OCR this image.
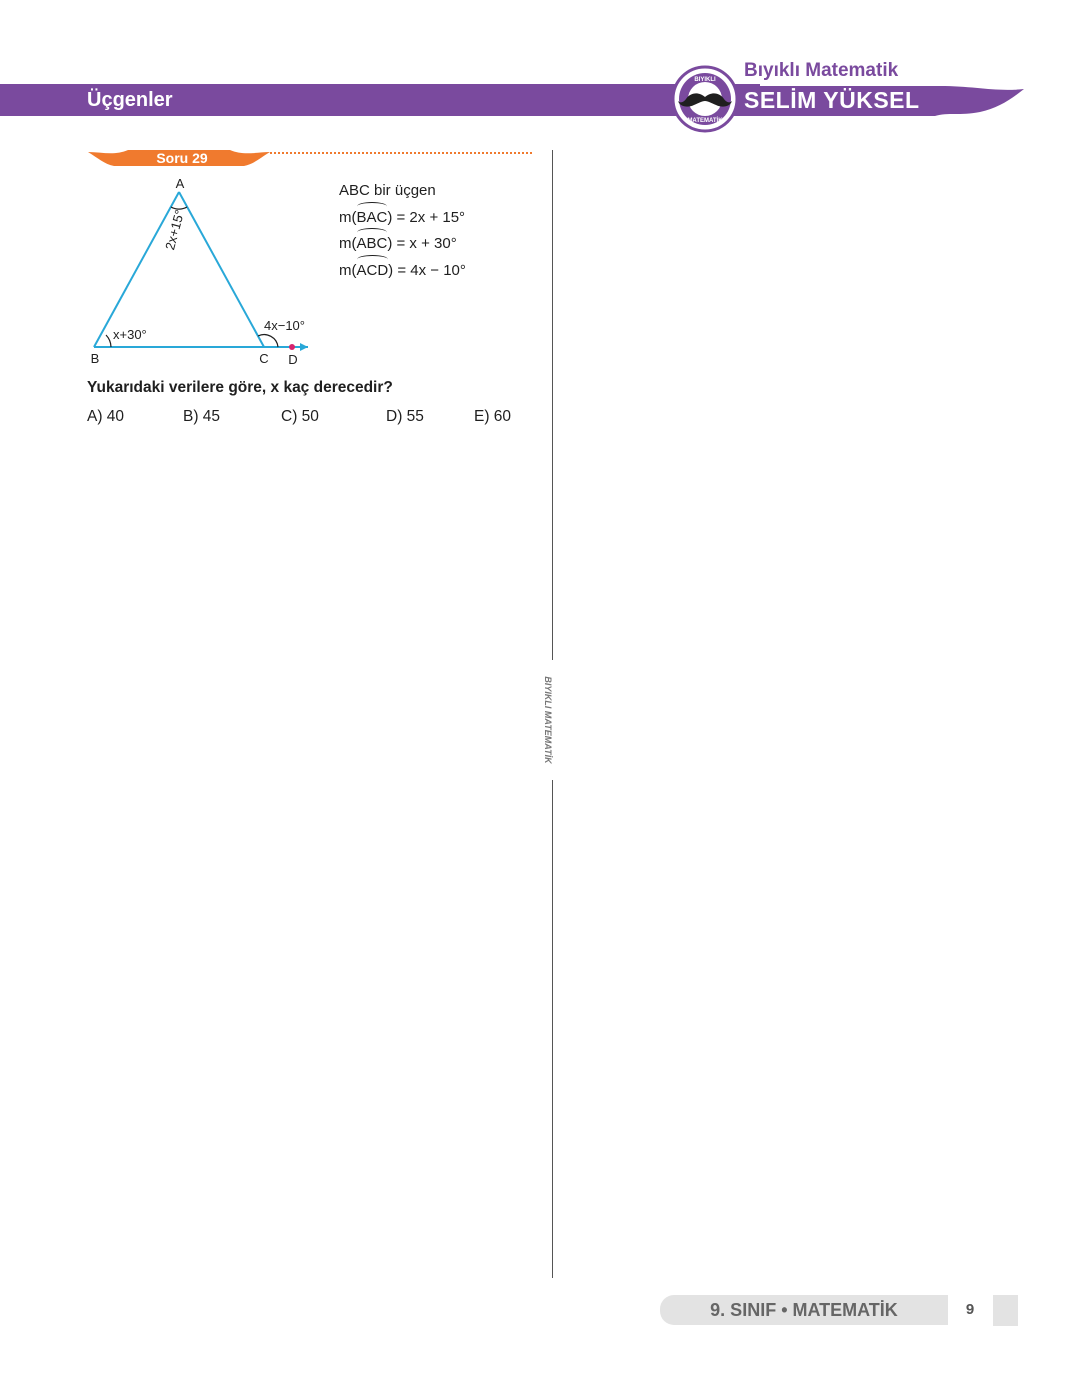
Üçgenler
BIYIKLI
MATEMATİK
Bıyıklı Matematik
SELİM YÜKSEL
Soru 29
A
B	C D
2x+15°
x+30°
4x−10°
ABC bir üçgen
m(BAC) = 2x + 15°
m(ABC) = x + 30°
m(ACD) = 4x − 10°
Yukarıdaki verilere göre, x kaç derecedir?
A) 40	B) 45	C) 50	D) 55	E) 60
BIYIKLI MATEMATİK
9. SINIF • MATEMATİK	9
